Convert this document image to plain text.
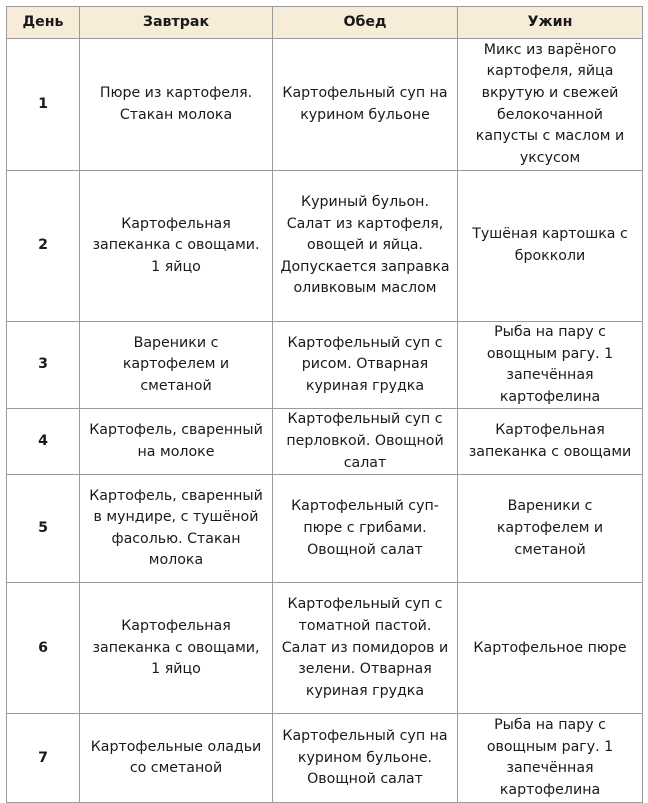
День	Завтрак	Обед	Ужин
1	Пюре из картофеля. Стакан молока	Картофельный суп на курином бульоне	Микс из варёного картофеля, яйца вкрутую и свежей белокочанной капусты с маслом и уксусом
2	Картофельная запеканка с овощами. 1 яйцо	Куриный бульон. Салат из картофеля, овощей и яйца. Допускается заправка оливковым маслом	Тушёная картошка с брокколи
3	Вареники с картофелем и сметаной	Картофельный суп с рисом. Отварная куриная грудка	Рыба на пару с овощным рагу. 1 запечённая картофелина
4	Картофель, сваренный на молоке	Картофельный суп с перловкой. Овощной салат	Картофельная запеканка с овощами
5	Картофель, сваренный в мундире, с тушёной фасолью. Стакан молока	Картофельный суп-пюре с грибами. Овощной салат	Вареники с картофелем и сметаной
6	Картофельная запеканка с овощами, 1 яйцо	Картофельный суп с томатной пастой. Салат из помидоров и зелени. Отварная куриная грудка	Картофельное пюре
7	Картофельные оладьи со сметаной	Картофельный суп на курином бульоне. Овощной салат	Рыба на пару с овощным рагу. 1 запечённая картофелина
